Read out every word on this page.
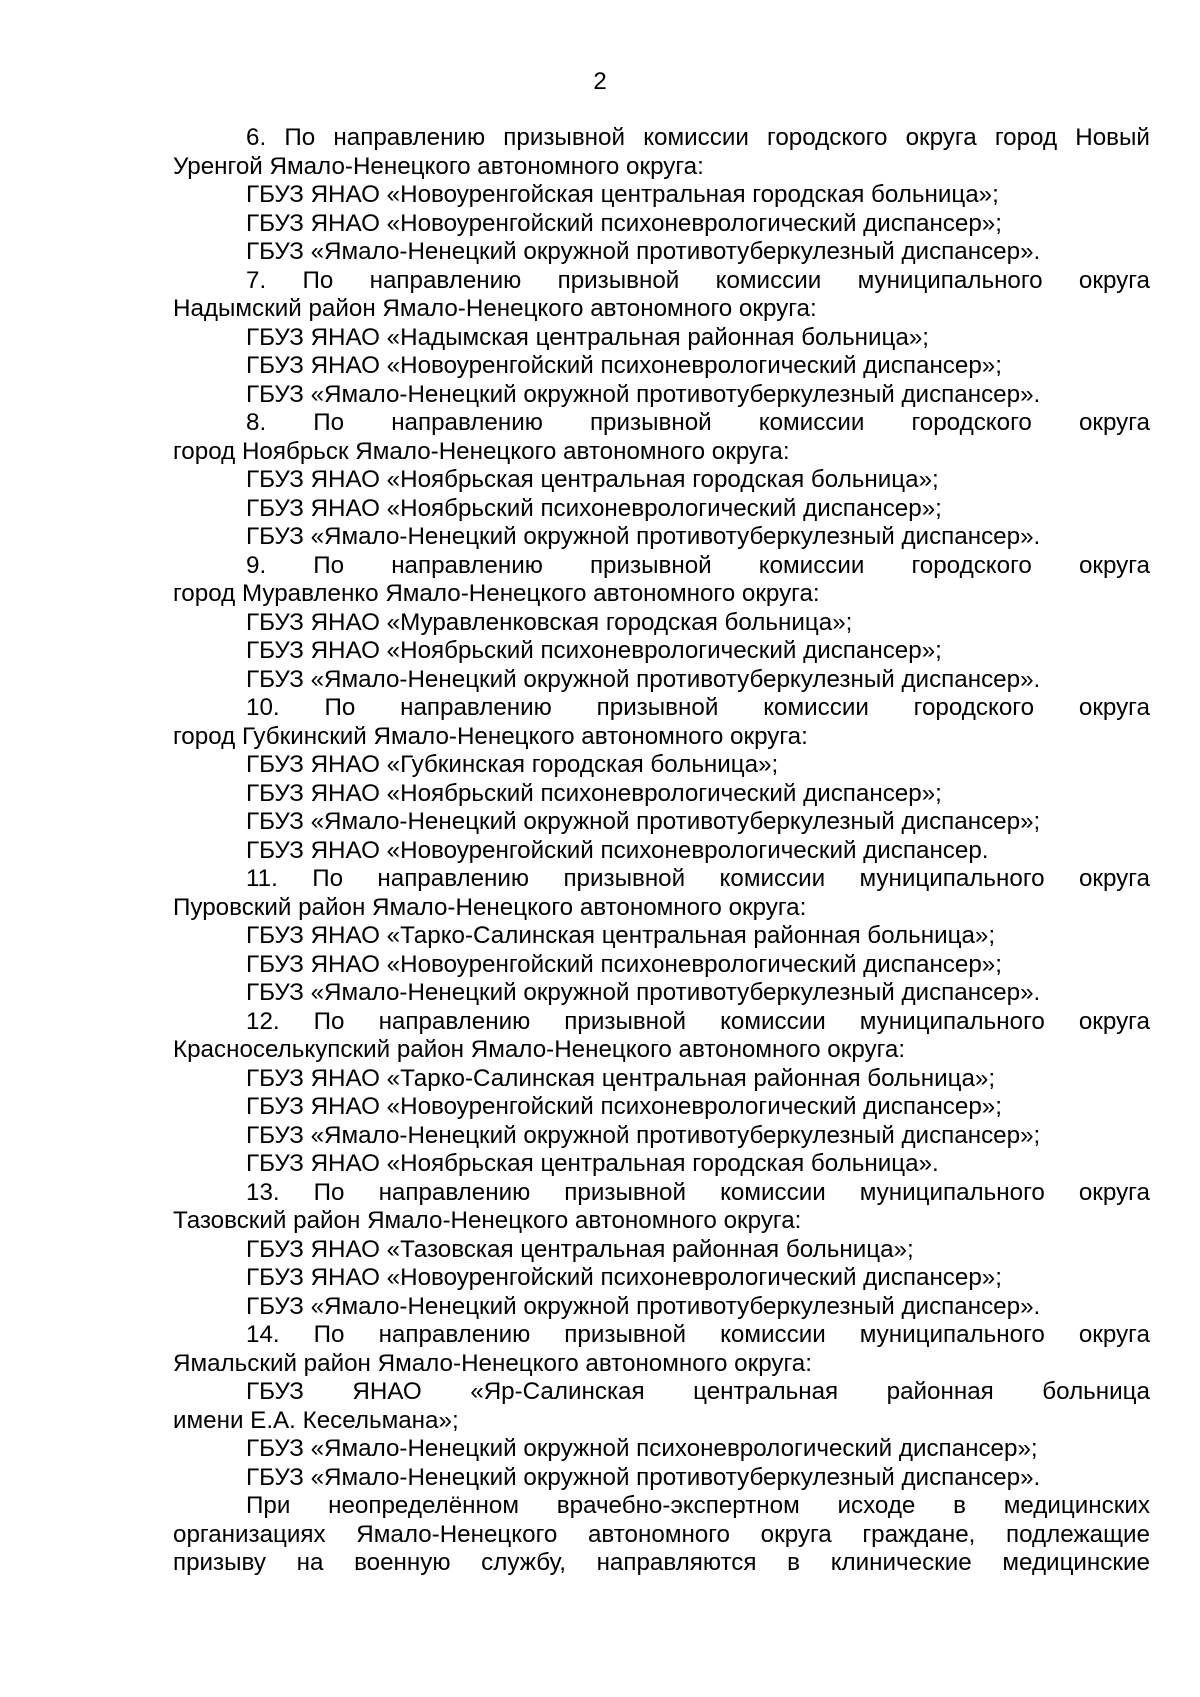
2
6. По направлению призывной комиссии городского округа город Новый
Уренгой Ямало-Ненецкого автономного округа:
ГБУЗ ЯНАО «Новоуренгойская центральная городская больница»;
ГБУЗ ЯНАО «Новоуренгойский психоневрологический диспансер»;
ГБУЗ «Ямало-Ненецкий окружной противотуберкулезный диспансер».
7. По направлению призывной комиссии муниципального округа
Надымский район Ямало-Ненецкого автономного округа:
ГБУЗ ЯНАО «Надымская центральная районная больница»;
ГБУЗ ЯНАО «Новоуренгойский психоневрологический диспансер»;
ГБУЗ «Ямало-Ненецкий окружной противотуберкулезный диспансер».
8. По направлению призывной комиссии городского округа
город Ноябрьск Ямало-Ненецкого автономного округа:
ГБУЗ ЯНАО «Ноябрьская центральная городская больница»;
ГБУЗ ЯНАО «Ноябрьский психоневрологический диспансер»;
ГБУЗ «Ямало-Ненецкий окружной противотуберкулезный диспансер».
9. По направлению призывной комиссии городского округа
город Муравленко Ямало-Ненецкого автономного округа:
ГБУЗ ЯНАО «Муравленковская городская больница»;
ГБУЗ ЯНАО «Ноябрьский психоневрологический диспансер»;
ГБУЗ «Ямало-Ненецкий окружной противотуберкулезный диспансер».
10. По направлению призывной комиссии городского округа
город Губкинский Ямало-Ненецкого автономного округа:
ГБУЗ ЯНАО «Губкинская городская больница»;
ГБУЗ ЯНАО «Ноябрьский психоневрологический диспансер»;
ГБУЗ «Ямало-Ненецкий окружной противотуберкулезный диспансер»;
ГБУЗ ЯНАО «Новоуренгойский психоневрологический диспансер.
11. По направлению призывной комиссии муниципального округа
Пуровский район Ямало-Ненецкого автономного округа:
ГБУЗ ЯНАО «Тарко-Салинская центральная районная больница»;
ГБУЗ ЯНАО «Новоуренгойский психоневрологический диспансер»;
ГБУЗ «Ямало-Ненецкий окружной противотуберкулезный диспансер».
12. По направлению призывной комиссии муниципального округа
Красноселькупский район Ямало-Ненецкого автономного округа:
ГБУЗ ЯНАО «Тарко-Салинская центральная районная больница»;
ГБУЗ ЯНАО «Новоуренгойский психоневрологический диспансер»;
ГБУЗ «Ямало-Ненецкий окружной противотуберкулезный диспансер»;
ГБУЗ ЯНАО «Ноябрьская центральная городская больница».
13. По направлению призывной комиссии муниципального округа
Тазовский район Ямало-Ненецкого автономного округа:
ГБУЗ ЯНАО «Тазовская центральная районная больница»;
ГБУЗ ЯНАО «Новоуренгойский психоневрологический диспансер»;
ГБУЗ «Ямало-Ненецкий окружной противотуберкулезный диспансер».
14. По направлению призывной комиссии муниципального округа
Ямальский район Ямало-Ненецкого автономного округа:
ГБУЗ ЯНАО «Яр-Салинская центральная районная больница
имени Е.А. Кесельмана»;
ГБУЗ «Ямало-Ненецкий окружной психоневрологический диспансер»;
ГБУЗ «Ямало-Ненецкий окружной противотуберкулезный диспансер».
При неопределённом врачебно-экспертном исходе в медицинских
организациях Ямало-Ненецкого автономного округа граждане, подлежащие
призыву на военную службу, направляются в клинические медицинские
